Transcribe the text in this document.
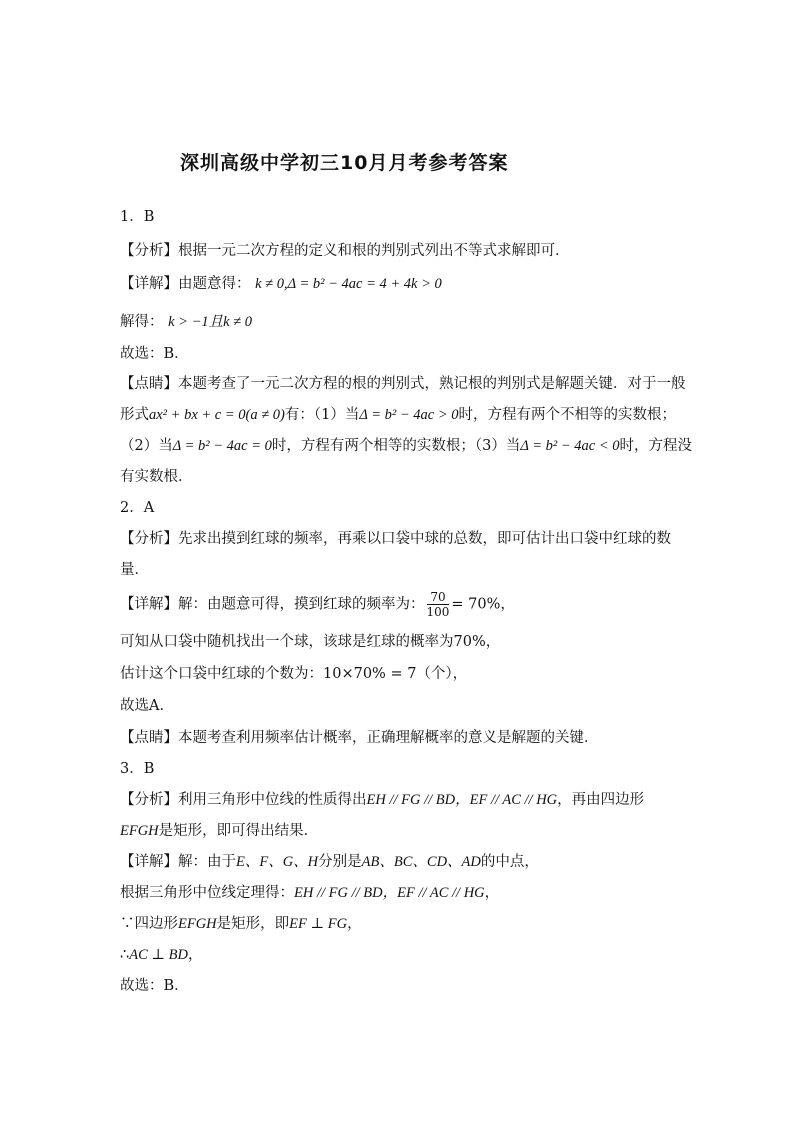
深圳高级中学初三10月月考参考答案
1．B
【分析】根据一元二次方程的定义和根的判别式列出不等式求解即可．
【详解】由题意得： k ≠ 0,Δ = b² − 4ac = 4 + 4k > 0
解得： k > −1且k ≠ 0
故选：B．
【点睛】本题考查了一元二次方程的根的判别式，熟记根的判别式是解题关键．对于一般
形式ax² + bx + c = 0(a ≠ 0)有：（1）当Δ = b² − 4ac > 0时，方程有两个不相等的实数根；
（2）当Δ = b² − 4ac = 0时，方程有两个相等的实数根；（3）当Δ = b² − 4ac < 0时，方程没
有实数根．
2．A
【分析】先求出摸到红球的频率，再乘以口袋中球的总数，即可估计出口袋中红球的数
量．
【详解】解：由题意可得，摸到红球的频率为： $\frac{70}{100} = 70\%$，
可知从口袋中随机找出一个球，该球是红球的概率为70%，
估计这个口袋中红球的个数为：10×70% = 7（个），
故选A．
【点睛】本题考查利用频率估计概率，正确理解概率的意义是解题的关键．
3．B
【分析】利用三角形中位线的性质得出EH // FG // BD，EF // AC // HG，再由四边形
EFGH是矩形，即可得出结果．
【详解】解：由于E、F、G、H分别是AB、BC、CD、AD的中点，
根据三角形中位线定理得：EH // FG // BD，EF // AC // HG，
∵四边形EFGH是矩形，即EF ⊥ FG，
∴AC ⊥ BD，
故选：B．
